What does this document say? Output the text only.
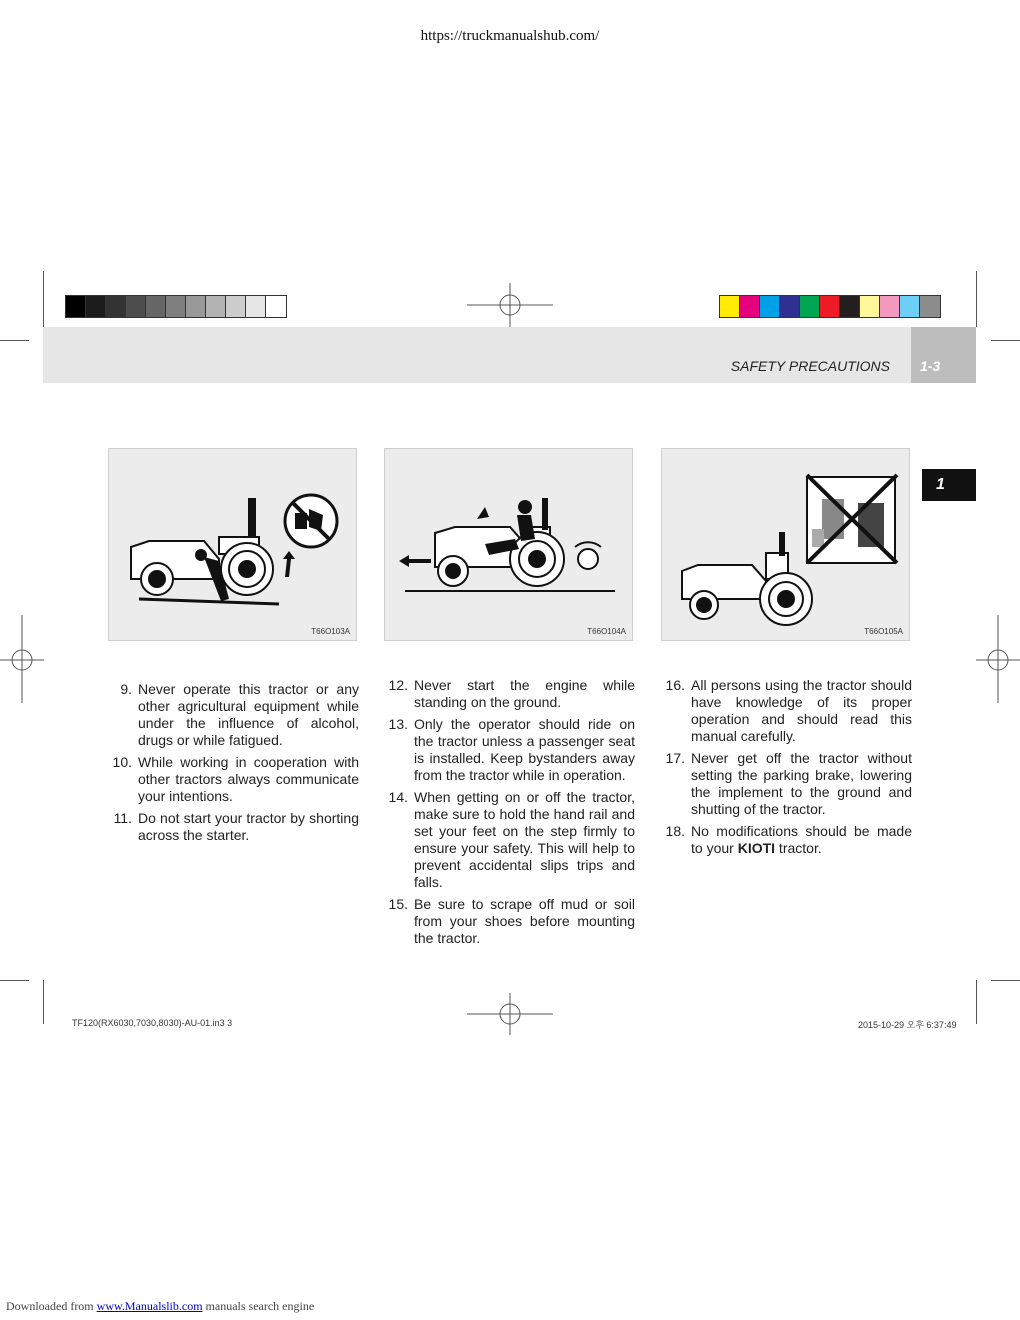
https://truckmanualshub.com/
SAFETY PRECAUTIONS 1-3
1
T66O103A	T66O104A	T66O105A
9. Never operate this tractor or any other agricultural equipment while under the influence of alcohol, drugs or while fatigued.
10. While working in cooperation with other tractors always communicate your intentions.
11. Do not start your tractor by shorting across the starter.
12. Never start the engine while standing on the ground.
13. Only the operator should ride on the tractor unless a passenger seat is installed. Keep bystanders away from the tractor while in operation.
14. When getting on or off the tractor, make sure to hold the hand rail and set your feet on the step firmly to ensure your safety. This will help to prevent accidental slips trips and falls.
15. Be sure to scrape off mud or soil from your shoes before mounting the tractor.
16. All persons using the tractor should have knowledge of its proper operation and should read this manual carefully.
17. Never get off the tractor without setting the parking brake, lowering the implement to the ground and shutting of the tractor.
18. No modifications should be made to your KIOTI tractor.
TF120(RX6030,7030,8030)-AU-01.in3 3	2015-10-29 오후 6:37:49
Downloaded from www.Manualslib.com manuals search engine
